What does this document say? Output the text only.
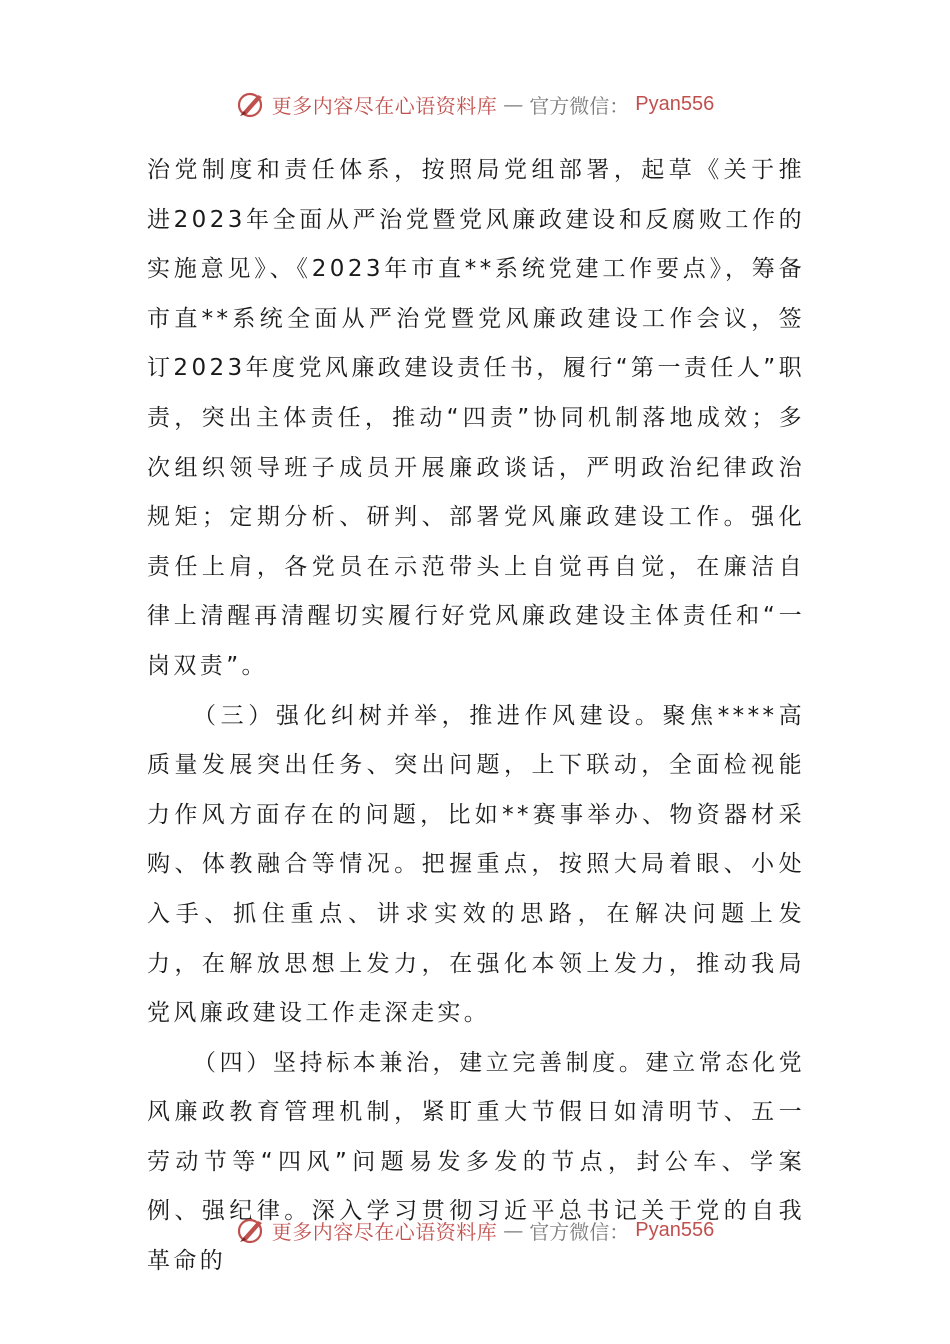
更多内容尽在心语资料库 — 官方微信： Pyan556

治党制度和责任体系，按照局党组部署，起草《关于推进2023年全面从严治党暨党风廉政建设和反腐败工作的实施意见》、《2023年市直**系统党建工作要点》，筹备市直**系统全面从严治党暨党风廉政建设工作会议，签订2023年度党风廉政建设责任书，履行“第一责任人”职责，突出主体责任，推动“四责”协同机制落地成效；多次组织领导班子成员开展廉政谈话，严明政治纪律政治规矩；定期分析、研判、部署党风廉政建设工作。强化责任上肩，各党员在示范带头上自觉再自觉，在廉洁自律上清醒再清醒切实履行好党风廉政建设主体责任和“一岗双责”。

（三）强化纠树并举，推进作风建设。聚焦****高质量发展突出任务、突出问题，上下联动，全面检视能力作风方面存在的问题，比如**赛事举办、物资器材采购、体教融合等情况。把握重点，按照大局着眼、小处入手、抓住重点、讲求实效的思路，在解决问题上发力，在解放思想上发力，在强化本领上发力，推动我局党风廉政建设工作走深走实。

（四）坚持标本兼治，建立完善制度。建立常态化党风廉政教育管理机制，紧盯重大节假日如清明节、五一劳动节等“四风”问题易发多发的节点，封公车、学案例、强纪律。深入学习贯彻习近平总书记关于党的自我革命的

更多内容尽在心语资料库 — 官方微信： Pyan556
